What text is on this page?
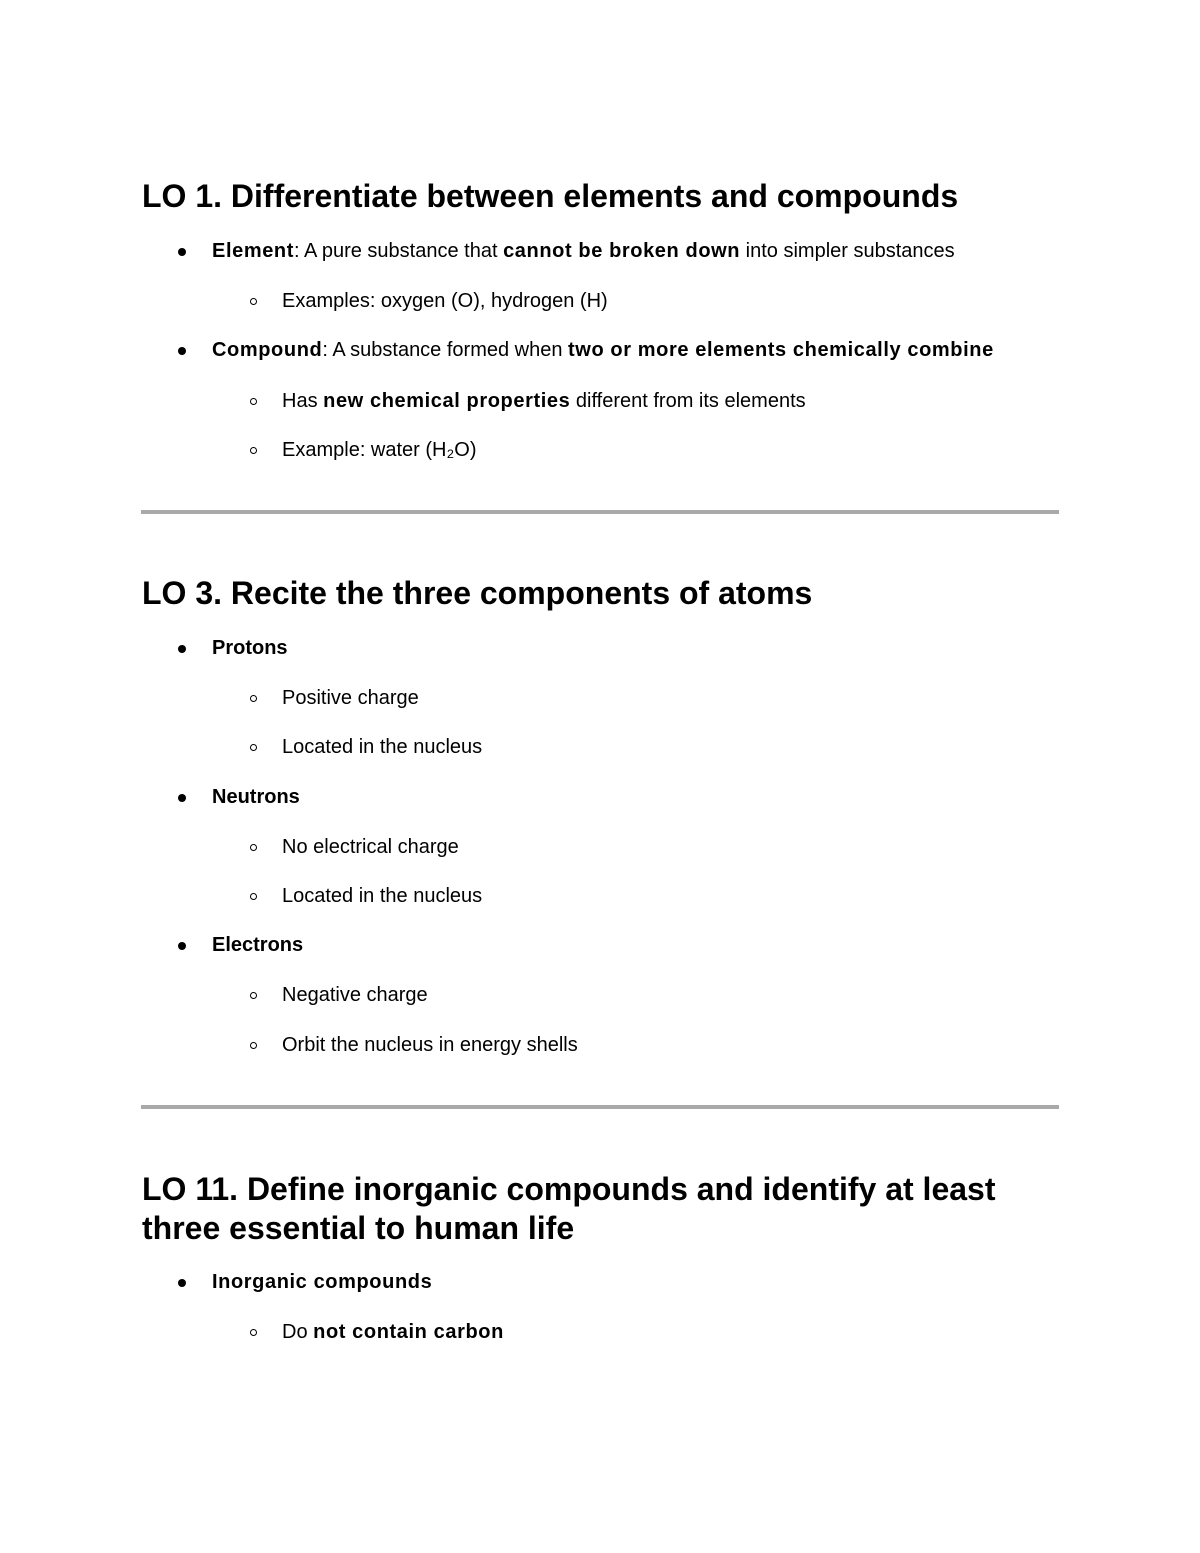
LO 1. Differentiate between elements and compounds
Element: A pure substance that cannot be broken down into simpler substances
Examples: oxygen (O), hydrogen (H)
Compound: A substance formed when two or more elements chemically combine
Has new chemical properties different from its elements
Example: water (H₂O)
LO 3. Recite the three components of atoms
Protons
Positive charge
Located in the nucleus
Neutrons
No electrical charge
Located in the nucleus
Electrons
Negative charge
Orbit the nucleus in energy shells
LO 11. Define inorganic compounds and identify at least
three essential to human life
Inorganic compounds
Do not contain carbon
